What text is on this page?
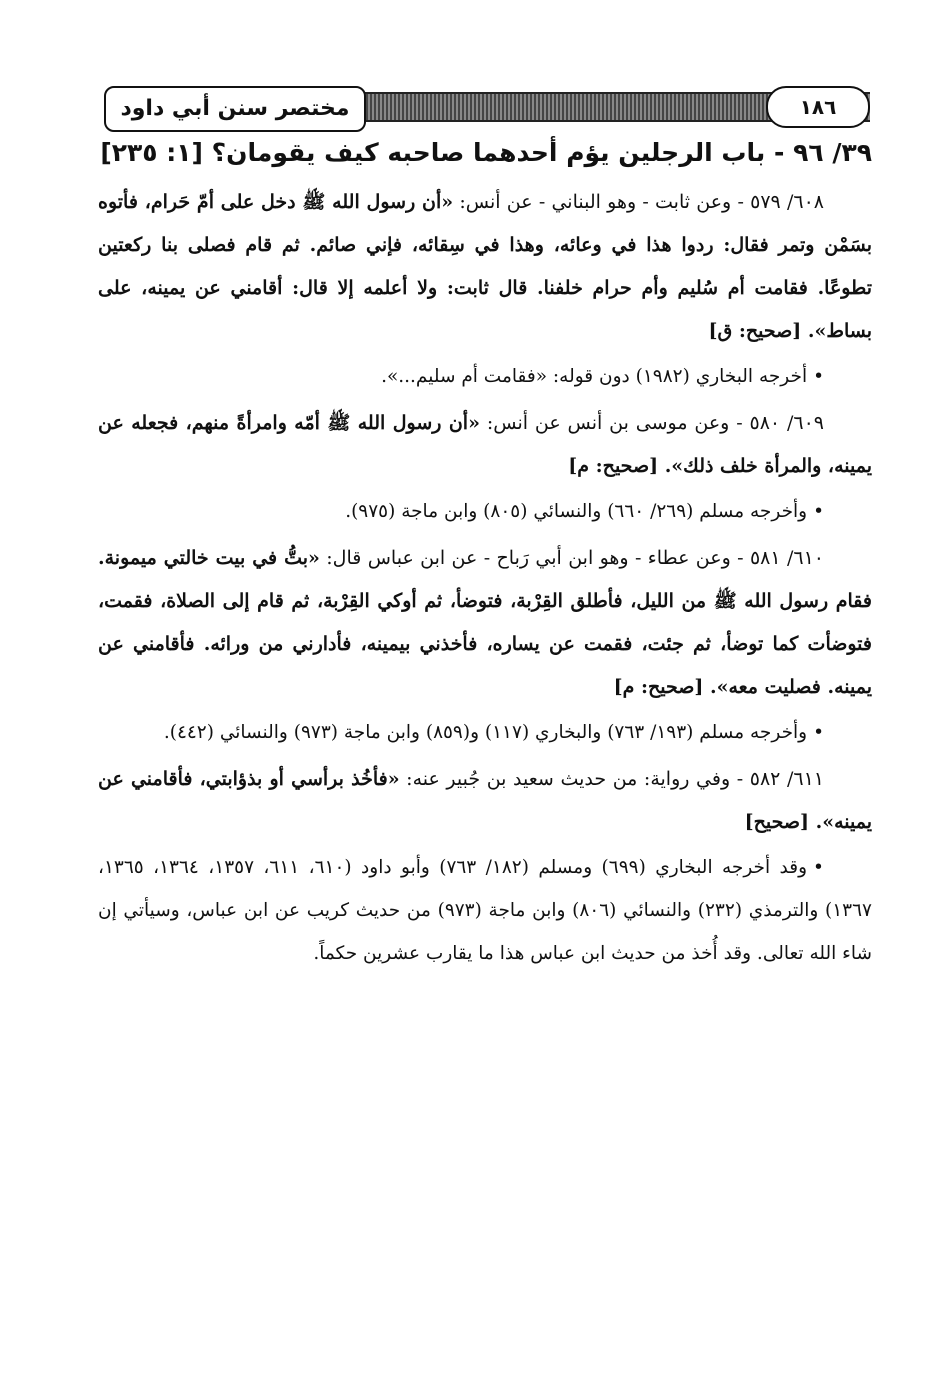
مختصر سنن أبي داود	١٨٦
٣٩/ ٩٦ - باب الرجلين يؤم أحدهما صاحبه كيف يقومان؟ [١: ٢٣٥]

٦٠٨/ ٥٧٩ - وعن ثابت - وهو البناني - عن أنس: «أن رسول الله ﷺ دخل على أمّ حَرام، فأتوه بسَمْن وتمر فقال: ردوا هذا في وعائه، وهذا في سِقائه، فإني صائم. ثم قام فصلى بنا ركعتين تطوعًا. فقامت أم سُليم وأم حرام خلفنا. قال ثابت: ولا أعلمه إلا قال: أقامني عن يمينه، على بساط». [صحيح: ق]

•أخرجه البخاري (١٩٨٢) دون قوله: «فقامت أم سليم...».

٦٠٩/ ٥٨٠ - وعن موسى بن أنس عن أنس: «أن رسول الله ﷺ أمّه وامرأةً منهم، فجعله عن يمينه، والمرأة خلف ذلك». [صحيح: م]

•وأخرجه مسلم (٢٦٩/ ٦٦٠) والنسائي (٨٠٥) وابن ماجة (٩٧٥).

٦١٠/ ٥٨١ - وعن عطاء - وهو ابن أبي رَباح - عن ابن عباس قال: «بتُّ في بيت خالتي ميمونة. فقام رسول الله ﷺ من الليل، فأطلق القِرْبة، فتوضأ، ثم أوكي القِرْبة، ثم قام إلى الصلاة، فقمت، فتوضأت كما توضأ، ثم جئت، فقمت عن يساره، فأخذني بيمينه، فأدارني من ورائه. فأقامني عن يمينه. فصليت معه». [صحيح: م]

•وأخرجه مسلم (١٩٣/ ٧٦٣) والبخاري (١١٧) و(٨٥٩) وابن ماجة (٩٧٣) والنسائي (٤٤٢).

٦١١/ ٥٨٢ - وفي رواية: من حديث سعيد بن جُبير عنه: «فأخُذ برأسي أو بذؤابتي، فأقامني عن يمينه». [صحيح]

•وقد أخرجه البخاري (٦٩٩) ومسلم (١٨٢/ ٧٦٣) وأبو داود (٦١٠، ٦١١، ١٣٥٧، ١٣٦٤، ١٣٦٥، ١٣٦٧) والترمذي (٢٣٢) والنسائي (٨٠٦) وابن ماجة (٩٧٣) من حديث كريب عن ابن عباس، وسيأتي إن شاء الله تعالى. وقد أُخذ من حديث ابن عباس هذا ما يقارب عشرين حكماً.
